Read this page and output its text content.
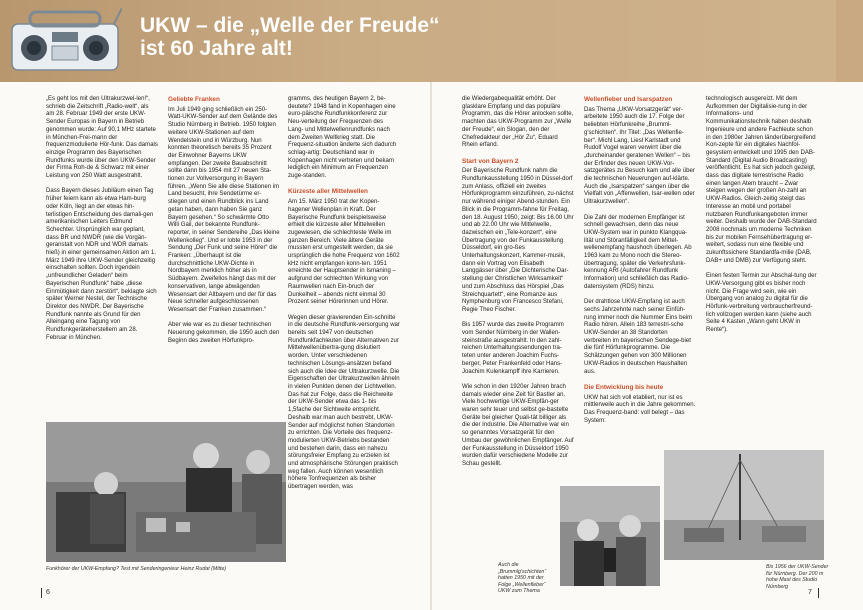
UKW – die „Welle der Freude“
ist 60 Jahre alt!

„Es geht los mit den Ultrakurzwel-len!“, schrieb die Zeitschrift „Radio-welt“, als am 28. Februar 1949 der erste UKW-Sender Europas in Bayern in Betrieb genommen wurde: Auf 90,1 MHz startete in München-Frei-mann der frequenzmodulierte Hör-funk. Das damals einzige Programm des Bayerischen Rundfunks wurde über den UKW-Sender der Firma Roh-de & Schwarz mit einer Leistung von 250 Watt ausgestrahlt.

Dass Bayern dieses Jubiläum einen Tag früher feiern kann als etwa Ham-burg oder Köln, liegt an der etwas hin-terlistigen Entscheidung des damali-gen amerikanischen Leiters Edmund Schechter. Ursprünglich war geplant, dass BR und NWDR (wie die Vorgän-geranstalt von NDR und WDR damals hieß) in einer gemeinsamen Aktion am 1. März 1949 ihre UKW-Sender gleichzeitig einschalten sollten. Doch irgendein „unfreundlicher Geladen“ beim Bayerischen Rundfunk“ habe „diese Einmütigkeit dann zerstört“, beklagte sich später Werner Nestel, der Technische Direktor des NWDR. Der Bayerische Rundfunk nannte als Grund für den Alleingang eine Tagung von Rundfunkgeräteherstellern am 28. Februar in München.

Geliebte Franken

Im Juli 1949 ging schließlich ein 250-Watt-UKW-Sender auf dem Gelände des Studio Nürnberg in Betrieb. 1950 folgten weitere UKW-Stationen auf dem Wendelstein und in Würzburg. Nun konnten theoretisch bereits 35 Prozent der Einwohner Bayerns UKW empfangen. Der zweite Bauabschnitt sollte dann bis 1954 mit 27 neuen Sta-tionen zur Vollversorgung in Bayern führen. „Wenn Sie alle diese Stationen im Land besucht, ihre Sendetürme er-stiegen und einen Rundblick ins Land getan haben, dann haben Sie ganz Bayern gesehen.“ So schwärmte Otto Willi Gail, der bekannte Rundfunk-reporter, in seiner Sendereihe „Das kleine Wellenkolleg“. Und er lobte 1953 in der Sendung „Der Funk und seine Hörer“ die Franken: „Überhaupt ist die durchschnittliche UKW-Dichte in Nordbayern merklich höher als in Südbayern. Zweifellos hängt das mit der konservativen, lange abwägenden Wesensart der Altbayern und der für das Neue schneller aufgeschlossenen Wesensart der Franken zusammen.“

Aber wie war es zu dieser technischen Neuerung gekommen, die 1950 auch den Beginn des zweiten Hörfunkpro-

gramms, des heutigen Bayern 2, be-deutete? 1948 fand in Kopenhagen eine euro-päische Rundfunkkonferenz zur Neu-verteilung der Frequenzen des Lang- und Mittelwellenrundfunks nach dem Zweiten Weltkrieg statt. Die Frequenz-situation änderte sich dadurch schlag-artig: Deutschland war in Kopenhagen nicht vertreten und bekam lediglich ein Minimum an Frequenzen zuge-standen.

Kürzeste aller Mittelwellen

Am 15. März 1950 trat der Kopen-hagener Wellenplan in Kraft. Der Bayerische Rundfunk beispielsweise erhielt die kürzeste aller Mittelwellen zugewiesen, die schlechteste Welle im ganzen Bereich. Viele ältere Geräte mussten erst umgestellt werden, da sie ursprünglich die hohe Frequenz von 1602 kHz nicht empfangen konn-ten. 1951 erreichte der Hauptsender in Ismaning – aufgrund der schlechten Wirkung von Raumwellen nach Ein-bruch der Dunkelheit – abends nicht einmal 30 Prozent seiner Hörerinnen und Hörer.

Wegen dieser gravierenden Ein-schnitte in die deutsche Rundfunk-versorgung war bereits seit 1947 von deutschen Rundfunkfachleuten über Alternativen zur Mittelwellenübertra-gung diskutiert worden. Unter verschiedenen technischen Lösungs-ansätzen befand sich auch die Idee der Ultrakurzwelle. Die Eigenschaften der Ultrakurzwellen ähneln in vielen Punkten denen der Lichtwellen. Das hat zur Folge, dass die Reichweite der UKW-Sender etwa das 1- bis 1,5fache der Sichtweite entspricht. Deshalb war man auch bestrebt, UKW-Sender auf möglichst hohen Standorten zu errichten. Die Vorteile des frequenz-modulierten UKW-Betriebs bestanden und bestehen darin, dass ein nahezu störungsfreier Empfang zu erzielen ist und atmosphärische Störungen praktisch weg fallen. Auch können wesentlich höhere Tonfrequenzen als bisher übertragen werden, was

die Wiedergabequalität erhöht. Der glasklare Empfang und das populäre Programm, das die Hörer anlocken sollte, machten das UKW-Programm zur „Welle der Freude“, ein Slogan, den der Chefredakteur der „Hör Zu“, Eduard Rhein erfand.

Start von Bayern 2

Der Bayerische Rundfunk nahm die Rundfunkausstellung 1950 in Düssel-dorf zum Anlass, offiziell ein zweites Hörfunkprogramm einzuführen, zu-nächst nur während einiger Abend-stunden. Ein Blick in die Programm-fahne für Freitag, den 18. August 1950, zeigt: Bis 16.00 Uhr und ab 22.00 Uhr wie Mittelwelle, dazwischen ein „Tele-konzert“, eine Übertragung von der Funkausstellung Düsseldorf, ein gro-ßes Unterhaltungskonzert, Kammer-musik, dann ein Vortrag von Elisabeth Langgässer über „Die Dichterische Dar-stellung der Christlichen Wirksamkeit“ und zum Abschluss das Hörspiel „Das Streichquartett“, eine Romanze aus Nymphenburg von Francesco Stefani, Regie Theo Fischer.

Bis 1957 wurde das zweite Programm vom Sender Nürnberg in der Wallen-steinstraße ausgestrahlt. In den zahl-reichen Unterhaltungssendungen tra-teten unter anderen Joachim Fuchs-berger, Peter Frankenfeld oder Hans-Joachim Kulenkampff ihre Karrieren.

Wie schon in den 1920er Jahren brach damals wieder eine Zeit für Bastler an. Viele hochwertige UKW-Empfän-ger waren sehr teuer und selbst ge-bastelte Geräte bei gleicher Quali-tät billiger als die der Industrie. Die Alternative war ein so genanntes Vorsatzgerät für den Umbau der gewöhnlichen Empfänger. Auf der Funkausstellung in Düsseldorf 1950 wurden dafür verschiedene Modelle zur Schau gestellt.

Wellenfieber und Isarspatzen

Das Thema „UKW-Vorsatzgerät“ ver-arbeitete 1950 auch die 17. Folge der beliebten Hörfunkreihe „Brumml-g'schichten“. Ihr Titel: „Das Wellenfie-ber“. Michl Lang, Liesl Karlstadt und Rudolf Vogel waren verwirrt über die „durcheinander geratenen Wellen“ – bis der Erfinder des neuen UKW-Vor-satzgerätes zu Besuch kam und alle über die technischen Neuerungen auf-klärte. Auch die „Isarspatzen“ sangen über die Vielfalt von „Affenwellen, Isar-wellen oder Ultrakurzwellen“.

Die Zahl der modernen Empfänger ist schnell gewachsen, denn das neue UKW-System war in punkto Klangqua-lität und Störanfälligkeit dem Mittel-wellenempfang haushoch überlegen. Ab 1963 kam zu Mono noch die Stereo-übertragung, später die Verkehrsfunk-kennung ARI (Autofahrer Rundfunk Information) und schließlich das Radio-datensystem (RDS) hinzu.

Der drahtlose UKW-Empfang ist auch sechs Jahrzehnte nach seiner Einfüh-rung immer noch die Nummer Eins beim Radio hören. Allein 183 terrestri-sche UKW-Sender an 38 Standorten verbreiten im bayerischen Sendege-biet die fünf Hörfunkprogramme. Die Schätzungen gehen von 300 Millionen UKW-Radios in deutschen Haushalten aus.

Die Entwicklung bis heute

UKW hat sich voll etabliert, nur ist es mittlerweile auch in die Jahre gekommen. Das Frequenz-band: voll belegt – das System:

technologisch ausgereizt. Mit dem Aufkommen der Digitalisie-rung in der Informations- und Kommunikationstechnik haben deshalb Ingenieure und andere Fachleute schon in den 1980er Jahren länderübergreifend Kon-zepte für ein digitales Nachfol-gesystem entwickelt und 1995 den DAB-Standard (Digital Audio Broadcasting) veröffentlicht. Es hat sich jedoch gezeigt, dass das digitale terrestrische Radio einen langen Atem braucht – Zwar steigen wegen der großen An-zahl an UKW-Radios. Gleich-zeitig steigt das Interesse an mobil und portabel nutzbaren Rundfunkangeboten immer weiter. Deshalb wurde der DAB-Standard 2008 nochmals um moderne Techniken bis zur mobilen Fernsehübertragung er-weitert, sodass nun eine flexible und zukunftssichere Standardfa-milie (DAB, DAB+ und DMB) zur Verfügung steht.

Einen festen Termin zur Abschal-tung der UKW-Versorgung gibt es bisher noch nicht. Die Frage wird sein, wie ein Übergang von analog zu digital für die Hörfunk-verbreitung verbraucherfreund-lich vollzogen werden kann (siehe auch Seite 4 Kasten „Wann geht UKW in Rente“).

Funkhörer der UKW-Empfang? Test mit Senderingenieur Heinz Rudat (Mitte)
Auch die „Brummlg'schichten“ hatten 1950 mit der Folge „Wellenfieber“ UKW zum Thema
Bis 1956 der UKW-Sender für Nürnberg. Der 200 m hohe Mast des Studio Nürnberg
6	7
